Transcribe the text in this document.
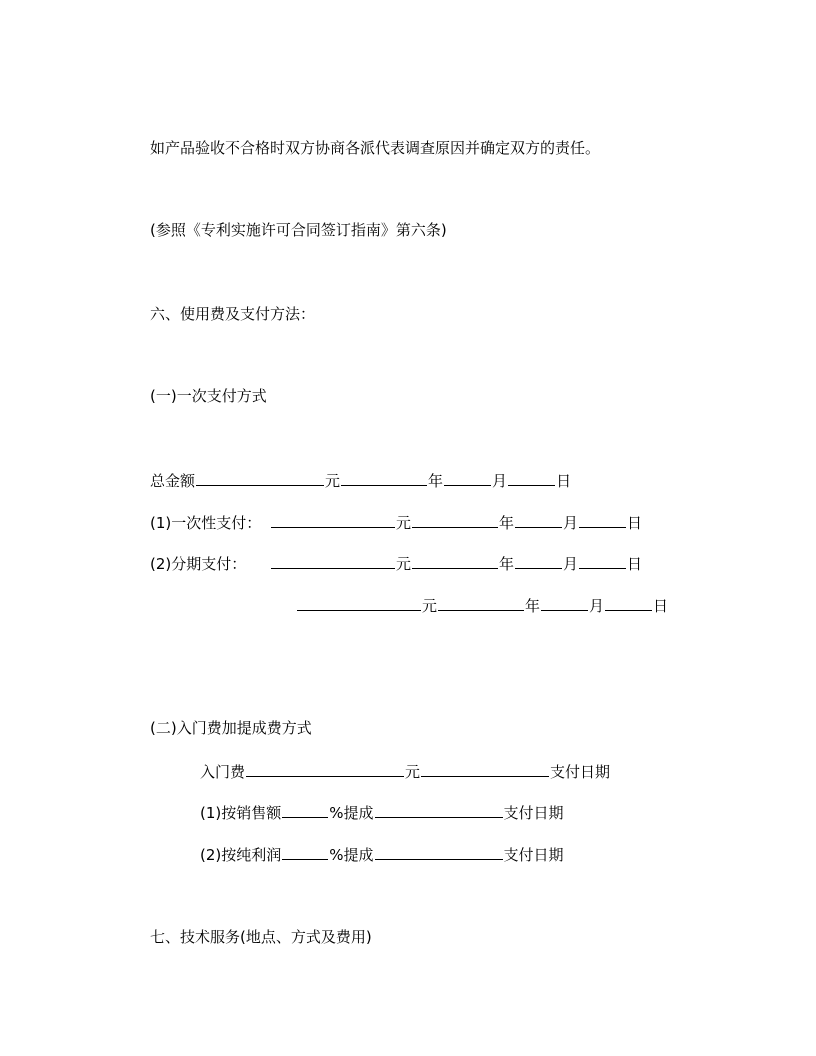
如产品验收不合格时双方协商各派代表调查原因并确定双方的责任。
(参照《专利实施许可合同签订指南》第六条)
六、使用费及支付方法：
(一)一次支付方式
总金额	元	年	月	日
(1)一次性支付：	元	年	月	日
(2)分期支付：	元	年	月	日
元	年	月	日
(二)入门费加提成费方式
入门费	元	支付日期
(1)按销售额	%提成	支付日期
(2)按纯利润	%提成	支付日期
七、技术服务(地点、方式及费用)
